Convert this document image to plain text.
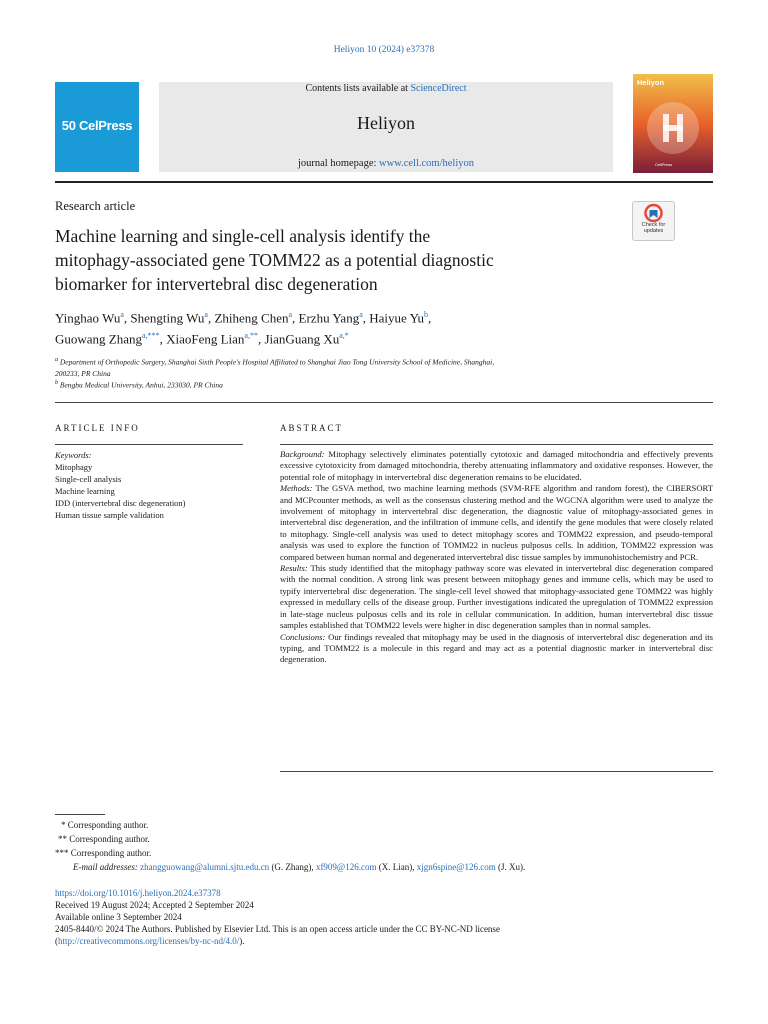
Heliyon 10 (2024) e37378
50 CelPress
Contents lists available at ScienceDirect
Heliyon
journal homepage: www.cell.com/heliyon
Heliyon
CellPress
Research article
Check for
updates
Machine learning and single-cell analysis identify the
mitophagy-associated gene TOMM22 as a potential diagnostic
biomarker for intervertebral disc degeneration
Yinghao Wu$^a$, Shengting Wu$^a$, Zhiheng Chen$^a$, Erzhu Yang$^a$, Haiyue Yu$^b$,
Guowang Zhang$^{a,***}$, XiaoFeng Lian$^{a,**}$, JianGuang $Xu^{a,*}$
$^a$ Department of Orthopedic Surgery, Shanghai Sixth People's Hospital Affiliated to Shanghai Jiao Tong University School of Medicine, Shanghai,
200233, PR China
$^b$ Bengbu Medical University, Anhui, 233030, PR China
ARTICLE INFO	ABSTRACT
Keywords:
Mitophagy
Single-cell analysis
Machine learning
IDD (intervertebral disc degeneration)
Human tissue sample validation

Background: Mitophagy selectively eliminates potentially cytotoxic and damaged mitochondria and effectively prevents excessive cytotoxicity from damaged mitochondria, thereby attenuating inflammatory and oxidative responses. However, the potential role of mitophagy in intervertebral disc degeneration remains to be elucidated.

Methods: The GSVA method, two machine learning methods (SVM-RFE algorithm and random forest), the CIBERSORT and MCPcounter methods, as well as the consensus clustering method and the WGCNA algorithm were used to analyze the involvement of mitophagy in intervertebral disc degeneration, the diagnostic value of mitophagy-associated genes in intervertebral disc degeneration, and the infiltration of immune cells, and identify the gene modules that were closely related to mitophagy. Single-cell analysis was used to detect mitophagy scores and TOMM22 expression, and pseudo-temporal analysis was used to explore the function of TOMM22 in nucleus pulposus cells. In addition, TOMM22 expression was compared between human normal and degenerated intervertebral disc tissue samples by immunohistochemistry and PCR.

Results: This study identified that the mitophagy pathway score was elevated in intervertebral disc degeneration compared with the normal condition. A strong link was present between mitophagy genes and immune cells, which may be used to typify intervertebral disc degeneration. The single-cell level showed that mitophagy-associated gene TOMM22 was highly expressed in medullary cells of the disease group. Further investigations indicated the upregulation of TOMM22 expression in late-stage nucleus pulposus cells and its role in cellular communication. In addition, human intervertebral disc tissue samples established that TOMM22 levels were higher in disc degeneration samples than in normal samples.

Conclusions: Our findings revealed that mitophagy may be used in the diagnosis of intervertebral disc degeneration and its typing, and TOMM22 is a molecule in this regard and may act as a potential diagnostic marker in intervertebral disc degeneration.

* Corresponding author.
** Corresponding author.
*** Corresponding author.
E-mail addresses: zhangguowang@alumni.sjtu.edu.cn (G. Zhang), xf909@126.com (X. Lian), xjgn6spine@126.com (J. Xu).
https://doi.org/10.1016/j.heliyon.2024.e37378
Received 19 August 2024; Accepted 2 September 2024
Available online 3 September 2024
2405-8440/© 2024 The Authors. Published by Elsevier Ltd. This is an open access article under the CC BY-NC-ND license
(http://creativecommons.org/licenses/by-nc-nd/4.0/).
